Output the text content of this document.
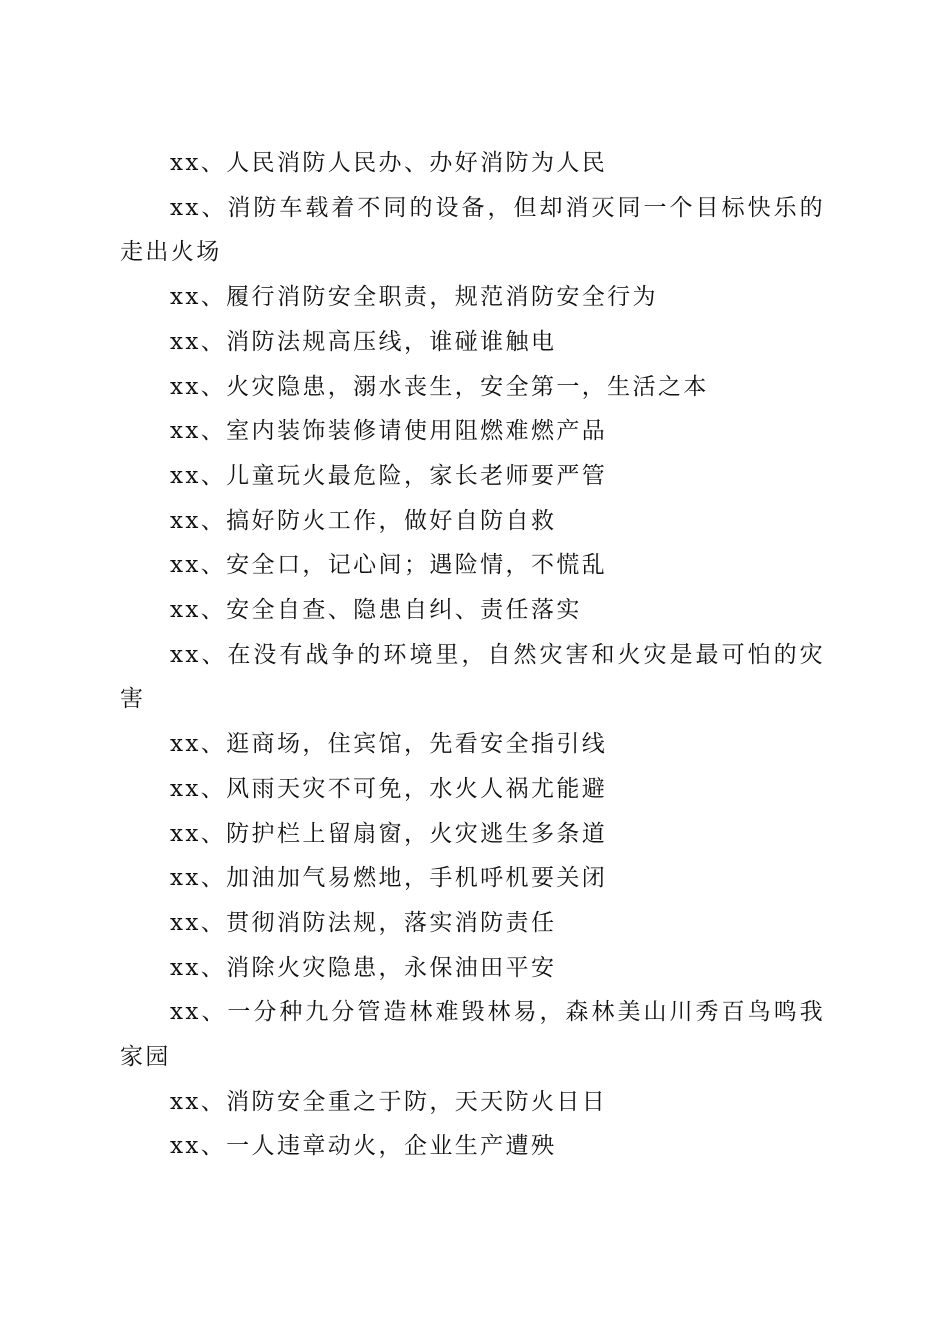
xx、人民消防人民办、办好消防为人民

xx、消防车载着不同的设备，但却消灭同一个目标快乐的走出火场

xx、履行消防安全职责，规范消防安全行为

xx、消防法规高压线，谁碰谁触电

xx、火灾隐患，溺水丧生，安全第一，生活之本

xx、室内装饰装修请使用阻燃难燃产品

xx、儿童玩火最危险，家长老师要严管

xx、搞好防火工作，做好自防自救

xx、安全口，记心间；遇险情，不慌乱

xx、安全自查、隐患自纠、责任落实

xx、在没有战争的环境里，自然灾害和火灾是最可怕的灾害

xx、逛商场，住宾馆，先看安全指引线

xx、风雨天灾不可免，水火人祸尤能避

xx、防护栏上留扇窗，火灾逃生多条道

xx、加油加气易燃地，手机呼机要关闭

xx、贯彻消防法规，落实消防责任

xx、消除火灾隐患，永保油田平安

xx、一分种九分管造林难毁林易，森林美山川秀百鸟鸣我家园

xx、消防安全重之于防，天天防火日日

xx、一人违章动火，企业生产遭殃
